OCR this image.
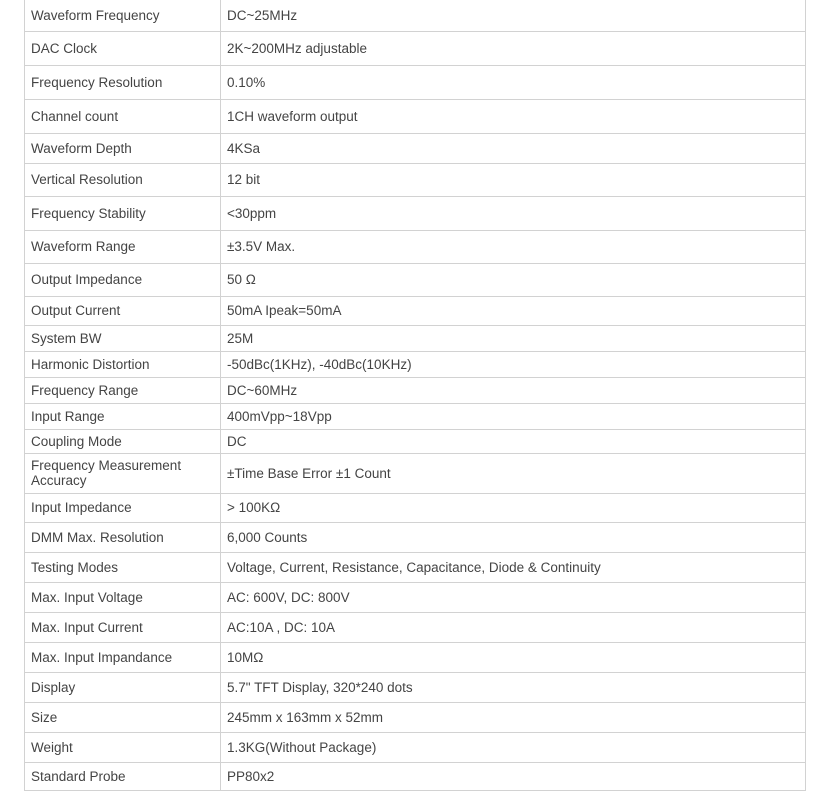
Waveform Frequency	DC~25MHz
DAC Clock	2K~200MHz adjustable
Frequency Resolution	0.10%
Channel count	1CH waveform output
Waveform Depth	4KSa
Vertical Resolution	12 bit
Frequency Stability	<30ppm
Waveform Range	±3.5V Max.
Output Impedance	50 Ω
Output Current	50mA Ipeak=50mA
System BW	25M
Harmonic Distortion	-50dBc(1KHz), -40dBc(10KHz)
Frequency Range	DC~60MHz
Input Range	400mVpp~18Vpp
Coupling Mode	DC
Frequency Measurement Accuracy	±Time Base Error ±1 Count
Input Impedance	> 100KΩ
DMM Max. Resolution	6,000 Counts
Testing Modes	Voltage, Current, Resistance, Capacitance, Diode & Continuity
Max. Input Voltage	AC: 600V, DC: 800V
Max. Input Current	AC:10A , DC: 10A
Max. Input Impandance	10MΩ
Display	5.7" TFT Display, 320*240 dots
Size	245mm x 163mm x 52mm
Weight	1.3KG(Without Package)
Standard Probe	PP80x2
